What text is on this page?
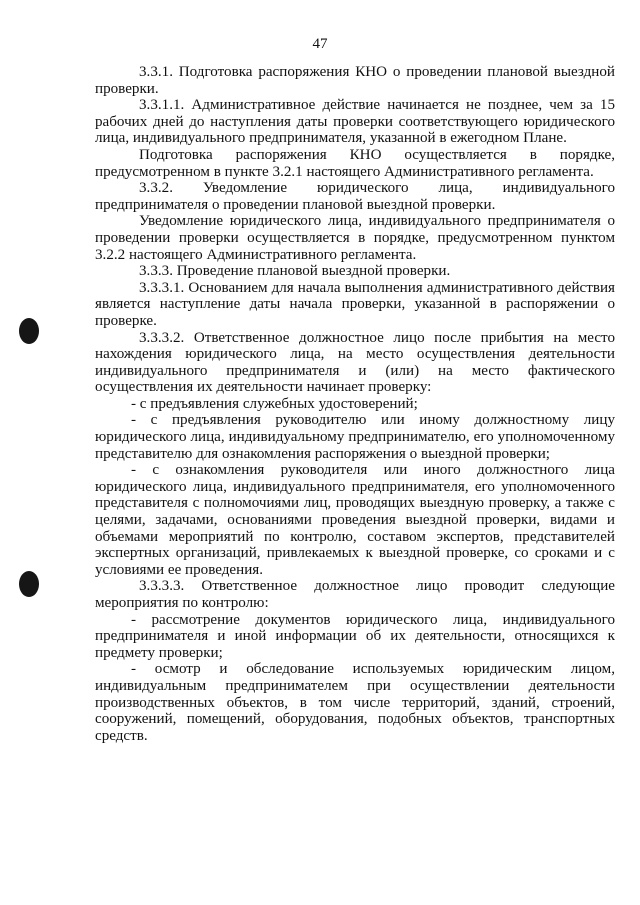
47

3.3.1. Подготовка распоряжения КНО о проведении плановой выездной проверки.

3.3.1.1. Административное действие начинается не позднее, чем за 15 рабочих дней до наступления даты проверки соответствующего юридического лица, индивидуального предпринимателя, указанной в ежегодном Плане.

Подготовка распоряжения КНО осуществляется в порядке, предусмотренном в пункте 3.2.1 настоящего Административного регламента.

3.3.2. Уведомление юридического лица, индивидуального предпринимателя о проведении плановой выездной проверки.

Уведомление юридического лица, индивидуального предпринимателя о проведении проверки осуществляется в порядке, предусмотренном пунктом 3.2.2 настоящего Административного регламента.

3.3.3. Проведение плановой выездной проверки.

3.3.3.1. Основанием для начала выполнения административного действия является наступление даты начала проверки, указанной в распоряжении о проверке.

3.3.3.2. Ответственное должностное лицо после прибытия на место нахождения юридического лица, на место осуществления деятельности индивидуального предпринимателя и (или) на место фактического осуществления их деятельности начинает проверку:

- с предъявления служебных удостоверений;

- с предъявления руководителю или иному должностному лицу юридического лица, индивидуальному предпринимателю, его уполномоченному представителю для ознакомления распоряжения о выездной проверки;

- с ознакомления руководителя или иного должностного лица юридического лица, индивидуального предпринимателя, его уполномоченного представителя с полномочиями лиц, проводящих выездную проверку, а также с целями, задачами, основаниями проведения выездной проверки, видами и объемами мероприятий по контролю, составом экспертов, представителей экспертных организаций, привлекаемых к выездной проверке, со сроками и с условиями ее проведения.

3.3.3.3. Ответственное должностное лицо проводит следующие мероприятия по контролю:

- рассмотрение документов юридического лица, индивидуального предпринимателя и иной информации об их деятельности, относящихся к предмету проверки;

- осмотр и обследование используемых юридическим лицом, индивидуальным предпринимателем при осуществлении деятельности производственных объектов, в том числе территорий, зданий, строений, сооружений, помещений, оборудования, подобных объектов, транспортных средств.
